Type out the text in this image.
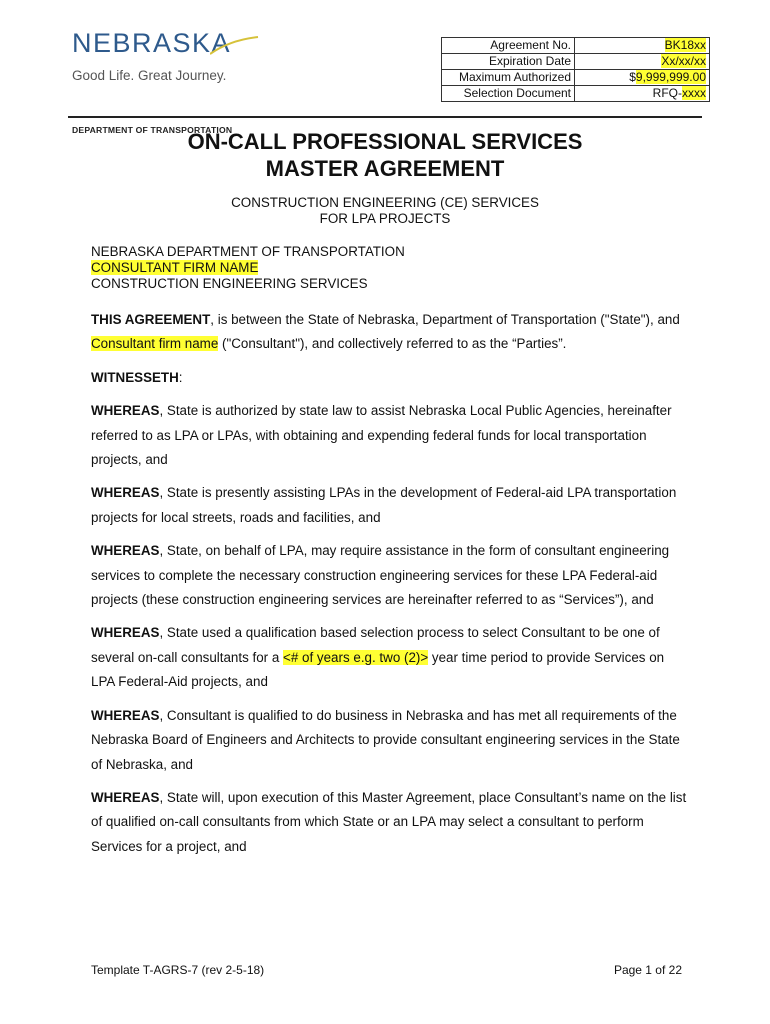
NEBRASKA
Good Life. Great Journey.
DEPARTMENT OF TRANSPORTATION
Agreement No.	BK18xx
Expiration Date	Xx/xx/xx
Maximum Authorized	$9,999,999.00
Selection Document	RFQ-xxxx
ON-CALL PROFESSIONAL SERVICES
MASTER AGREEMENT
CONSTRUCTION ENGINEERING (CE) SERVICES
FOR LPA PROJECTS
NEBRASKA DEPARTMENT OF TRANSPORTATION
CONSULTANT FIRM NAME
CONSTRUCTION ENGINEERING SERVICES

THIS AGREEMENT, is between the State of Nebraska, Department of Transportation ("State"), and Consultant firm name ("Consultant"), and collectively referred to as the “Parties”.

WITNESSETH:

WHEREAS, State is authorized by state law to assist Nebraska Local Public Agencies, hereinafter referred to as LPA or LPAs, with obtaining and expending federal funds for local transportation projects, and

WHEREAS, State is presently assisting LPAs in the development of Federal-aid LPA transportation projects for local streets, roads and facilities, and

WHEREAS, State, on behalf of LPA, may require assistance in the form of consultant engineering services to complete the necessary construction engineering services for these LPA Federal-aid projects (these construction engineering services are hereinafter referred to as “Services”), and

WHEREAS, State used a qualification based selection process to select Consultant to be one of several on-call consultants for a <# of years e.g. two (2)> year time period to provide Services on LPA Federal-Aid projects, and

WHEREAS, Consultant is qualified to do business in Nebraska and has met all requirements of the Nebraska Board of Engineers and Architects to provide consultant engineering services in the State of Nebraska, and

WHEREAS, State will, upon execution of this Master Agreement, place Consultant’s name on the list of qualified on-call consultants from which State or an LPA may select a consultant to perform Services for a project, and

Template T-AGRS-7 (rev 2-5-18)	Page 1 of 22
